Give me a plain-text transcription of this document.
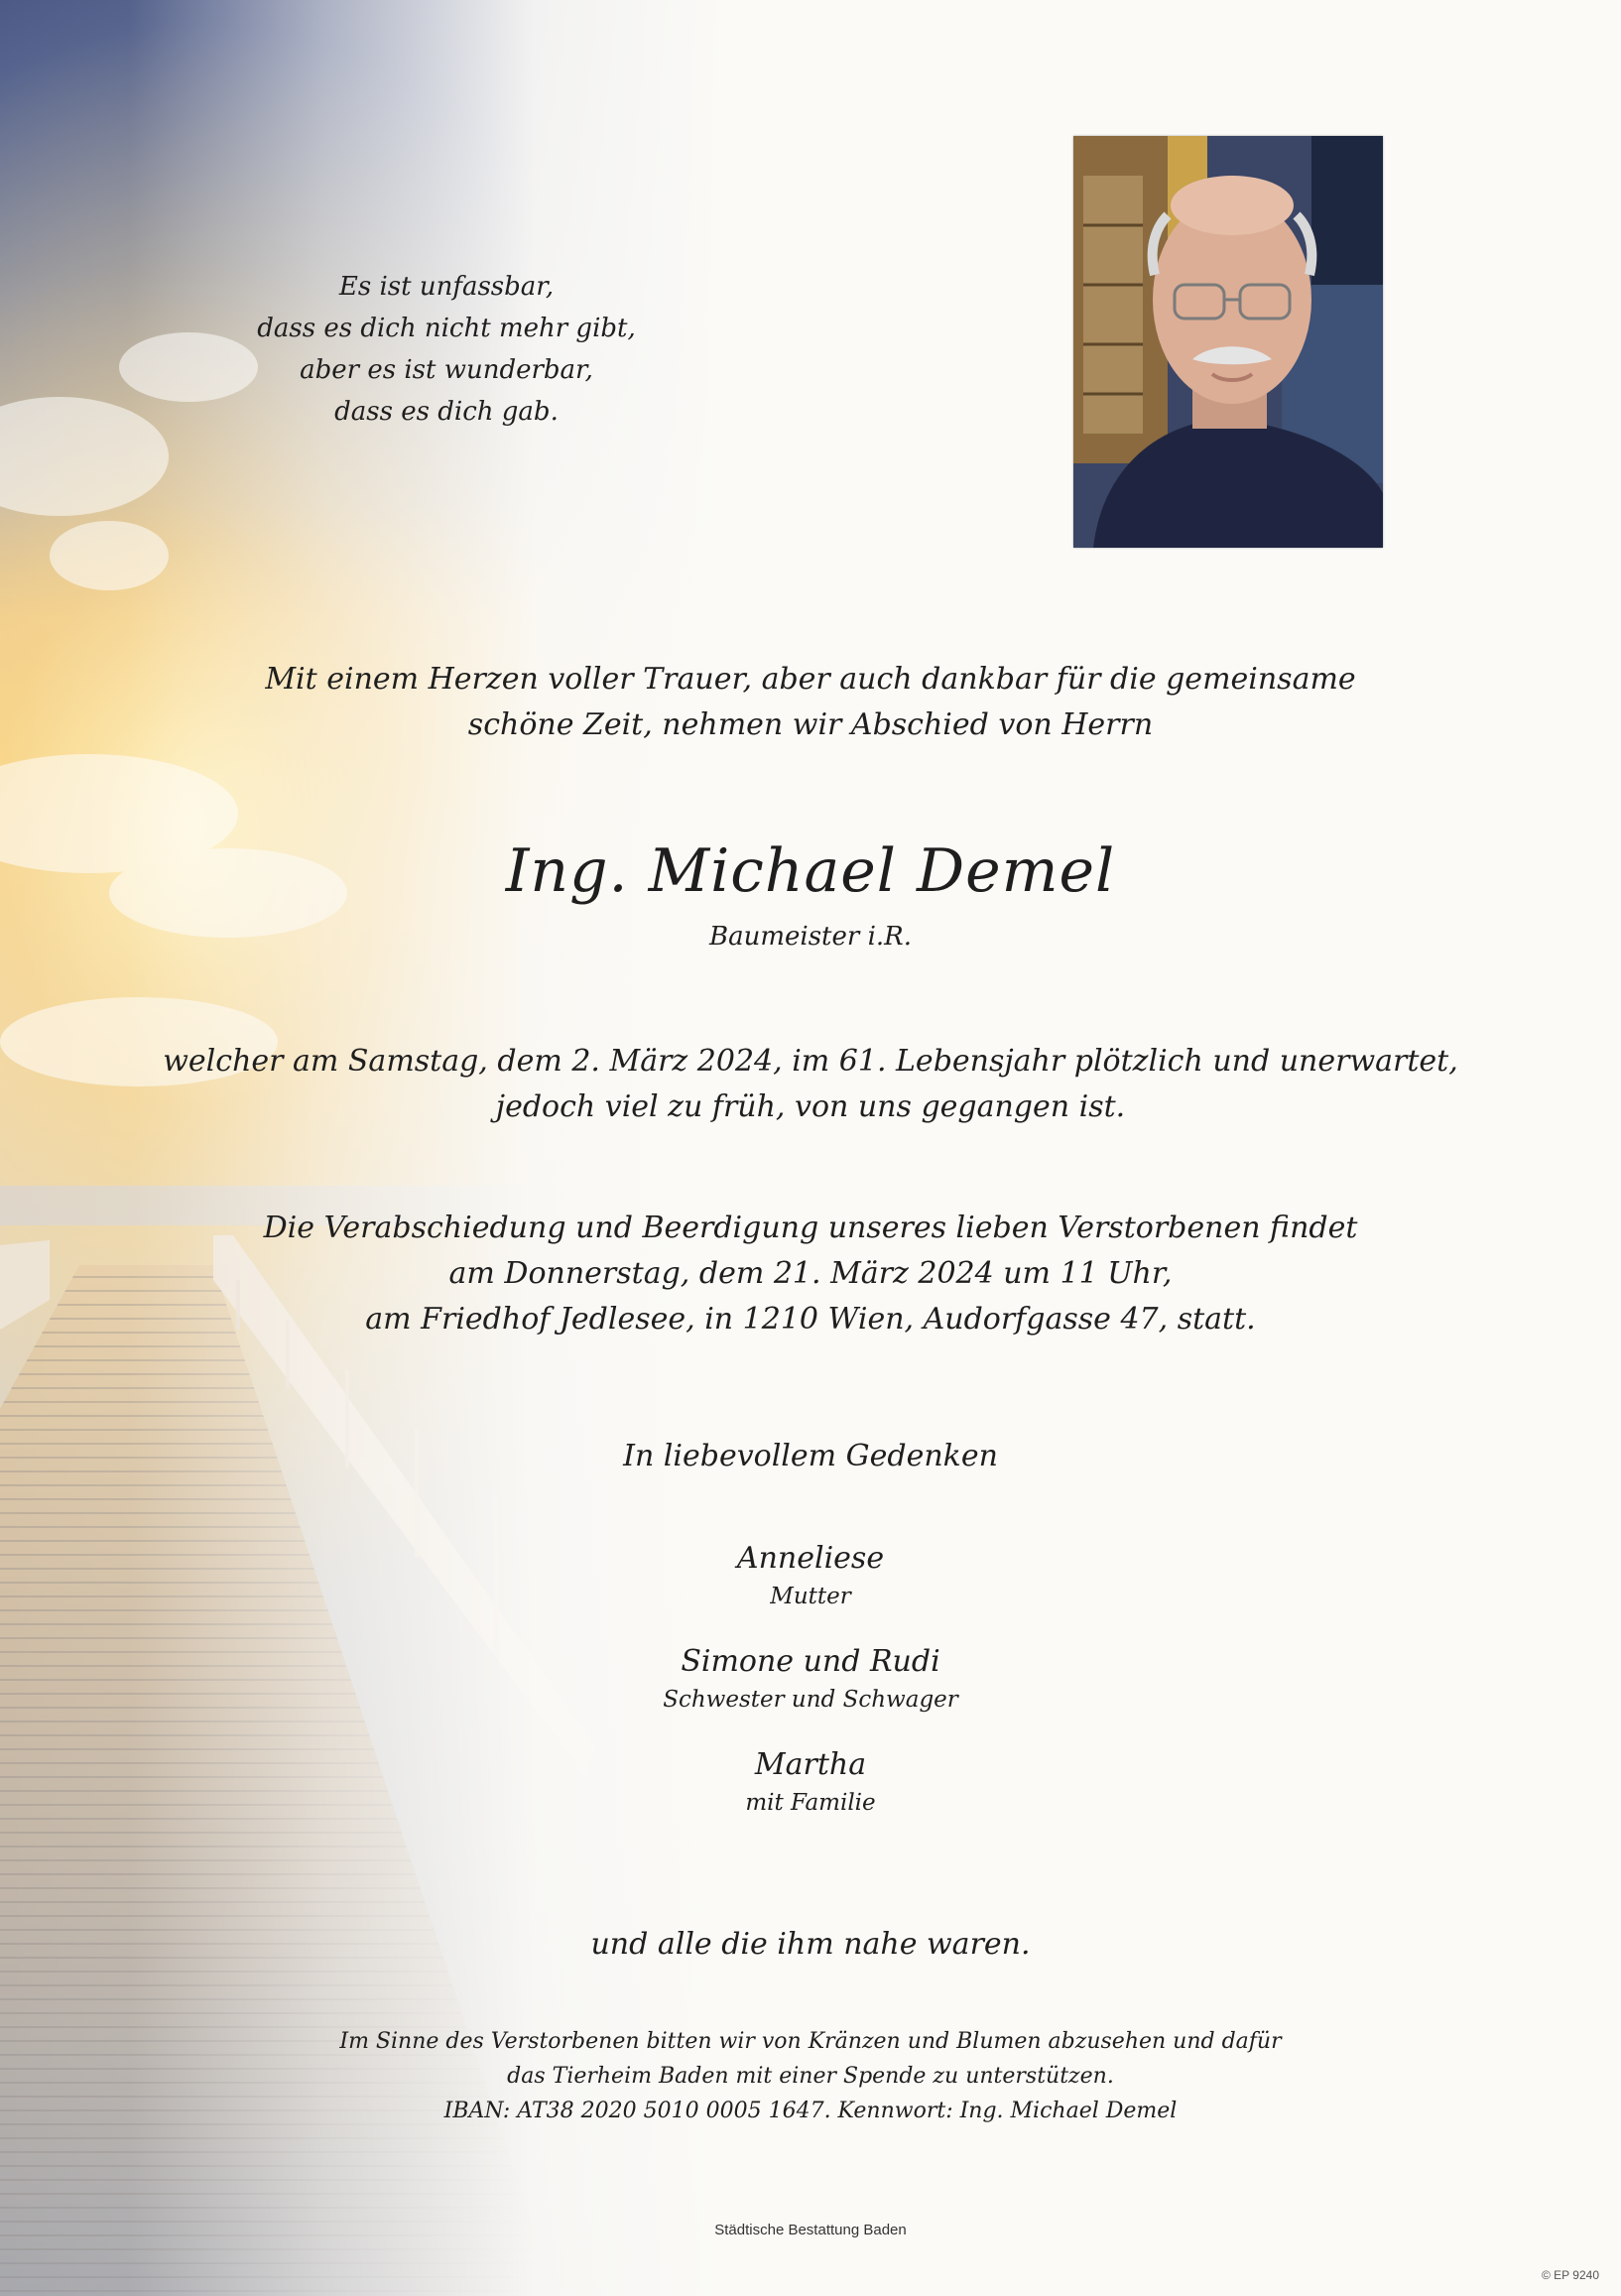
Es ist unfassbar,
dass es dich nicht mehr gibt,
aber es ist wunderbar,
dass es dich gab.
Mit einem Herzen voller Trauer, aber auch dankbar für die gemeinsame
schöne Zeit, nehmen wir Abschied von Herrn
Ing. Michael Demel
Baumeister i.R.
welcher am Samstag, dem 2. März 2024, im 61. Lebensjahr plötzlich und unerwartet,
jedoch viel zu früh, von uns gegangen ist.
Die Verabschiedung und Beerdigung unseres lieben Verstorbenen findet
am Donnerstag, dem 21. März 2024 um 11 Uhr,
am Friedhof Jedlesee, in 1210 Wien, Audorfgasse 47, statt.
In liebevollem Gedenken
Anneliese
Mutter
Simone und Rudi
Schwester und Schwager
Martha
mit Familie
und alle die ihm nahe waren.
Im Sinne des Verstorbenen bitten wir von Kränzen und Blumen abzusehen und dafür
das Tierheim Baden mit einer Spende zu unterstützen.
IBAN: AT38 2020 5010 0005 1647. Kennwort: Ing. Michael Demel
Städtische Bestattung Baden
© EP 9240
